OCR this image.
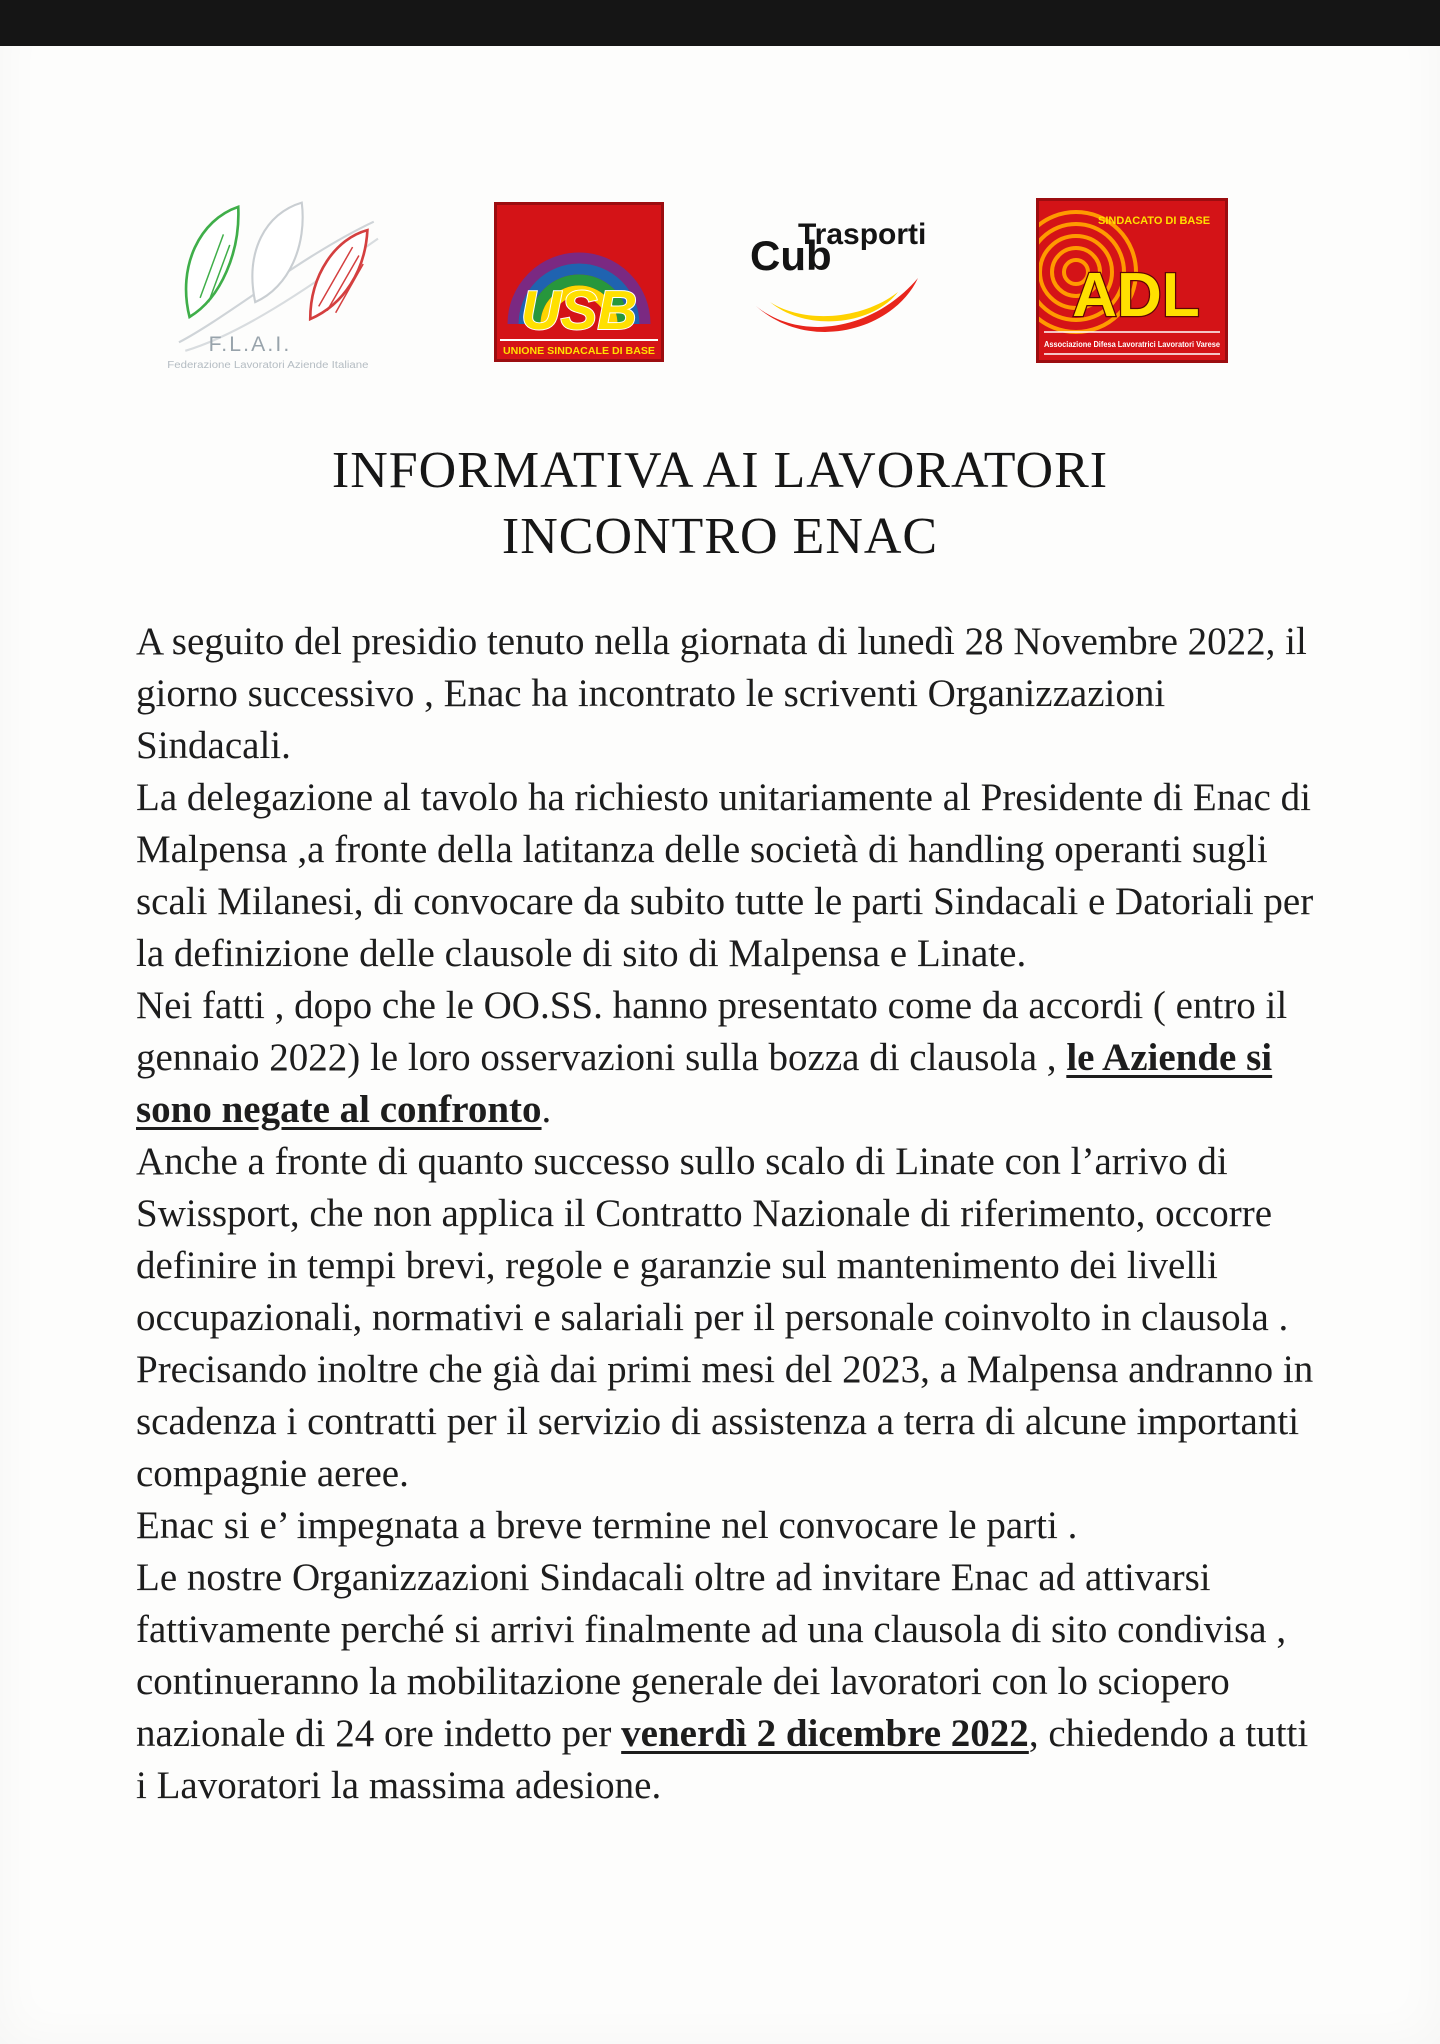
F.L.A.I.
Federazione Lavoratori Aziende Italiane
USB
UNIONE SINDACALE DI BASE
Trasporti
Cub
SINDACATO DI BASE
ADL
Associazione Difesa Lavoratrici Lavoratori Varese
INFORMATIVA AI LAVORATORI
INCONTRO ENAC

A seguito del presidio tenuto nella giornata di lunedì 28 Novembre 2022, il giorno successivo , Enac ha incontrato le scriventi Organizzazioni Sindacali.

La delegazione al tavolo ha richiesto unitariamente al Presidente di Enac di Malpensa ,a fronte della latitanza delle società di handling operanti sugli scali Milanesi, di convocare da subito tutte le parti Sindacali e Datoriali per la definizione delle clausole di sito di Malpensa e Linate.

Nei fatti , dopo che le OO.SS. hanno presentato come da accordi ( entro il gennaio 2022) le loro osservazioni sulla bozza di clausola , le Aziende si sono negate al confronto.

Anche a fronte di quanto successo sullo scalo di Linate con l’arrivo di Swissport, che non applica il Contratto Nazionale di riferimento, occorre definire in tempi brevi, regole e garanzie sul mantenimento dei livelli occupazionali, normativi e salariali per il personale coinvolto in clausola .

Precisando inoltre che già dai primi mesi del 2023, a Malpensa andranno in scadenza i contratti per il servizio di assistenza a terra di alcune importanti compagnie aeree.

Enac si e’ impegnata a breve termine nel convocare le parti .

Le nostre Organizzazioni Sindacali oltre ad invitare Enac ad attivarsi fattivamente perché si arrivi finalmente ad una clausola di sito condivisa , continueranno la mobilitazione generale dei lavoratori con lo sciopero nazionale di 24 ore indetto per venerdì 2 dicembre 2022, chiedendo a tutti i Lavoratori la massima adesione.
